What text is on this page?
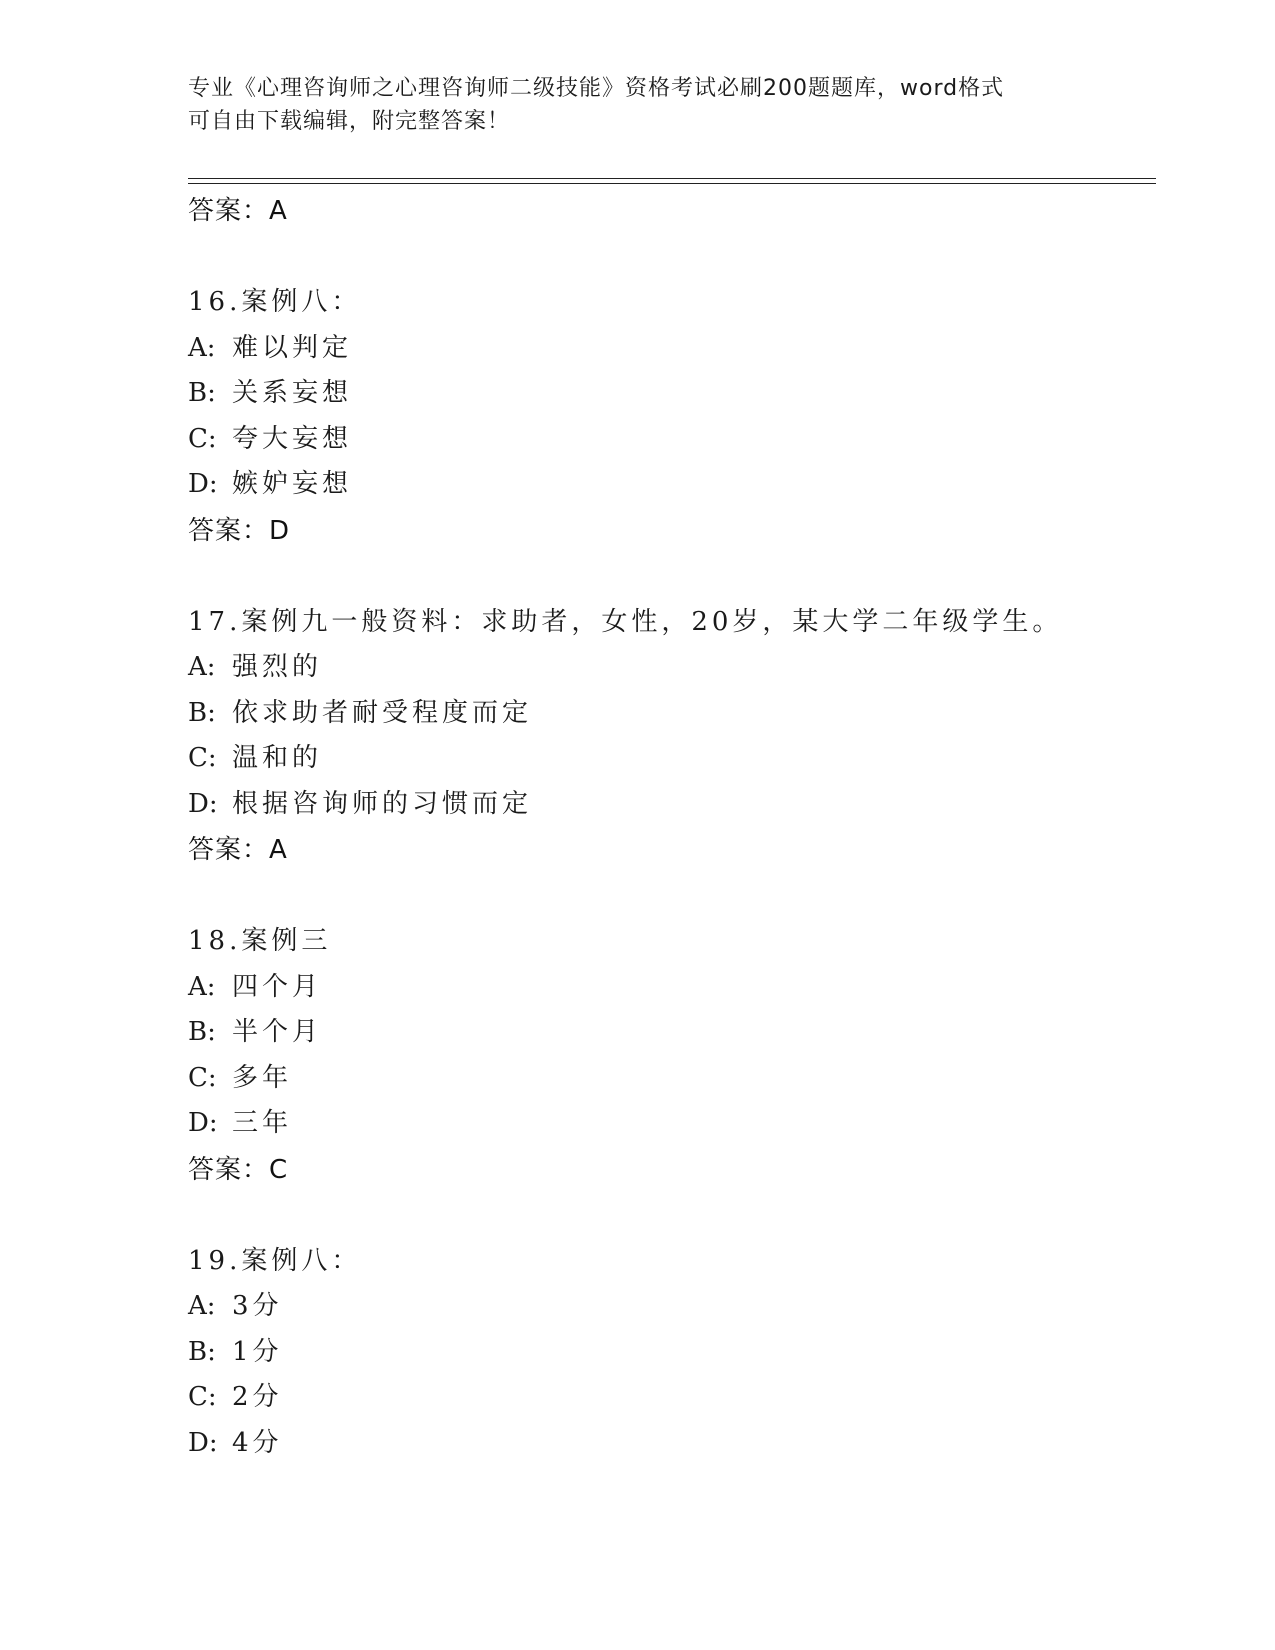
专业《心理咨询师之心理咨询师二级技能》资格考试必刷200题题库，word格式
可自由下载编辑，附完整答案！
答案：A
16.案例八：
A: 难以判定
B: 关系妄想
C: 夸大妄想
D: 嫉妒妄想
答案：D
17.案例九一般资料：求助者，女性，20岁，某大学二年级学生。
A: 强烈的
B: 依求助者耐受程度而定
C: 温和的
D: 根据咨询师的习惯而定
答案：A
18.案例三
A: 四个月
B: 半个月
C: 多年
D: 三年
答案：C
19.案例八：
A: 3分
B: 1分
C: 2分
D: 4分
